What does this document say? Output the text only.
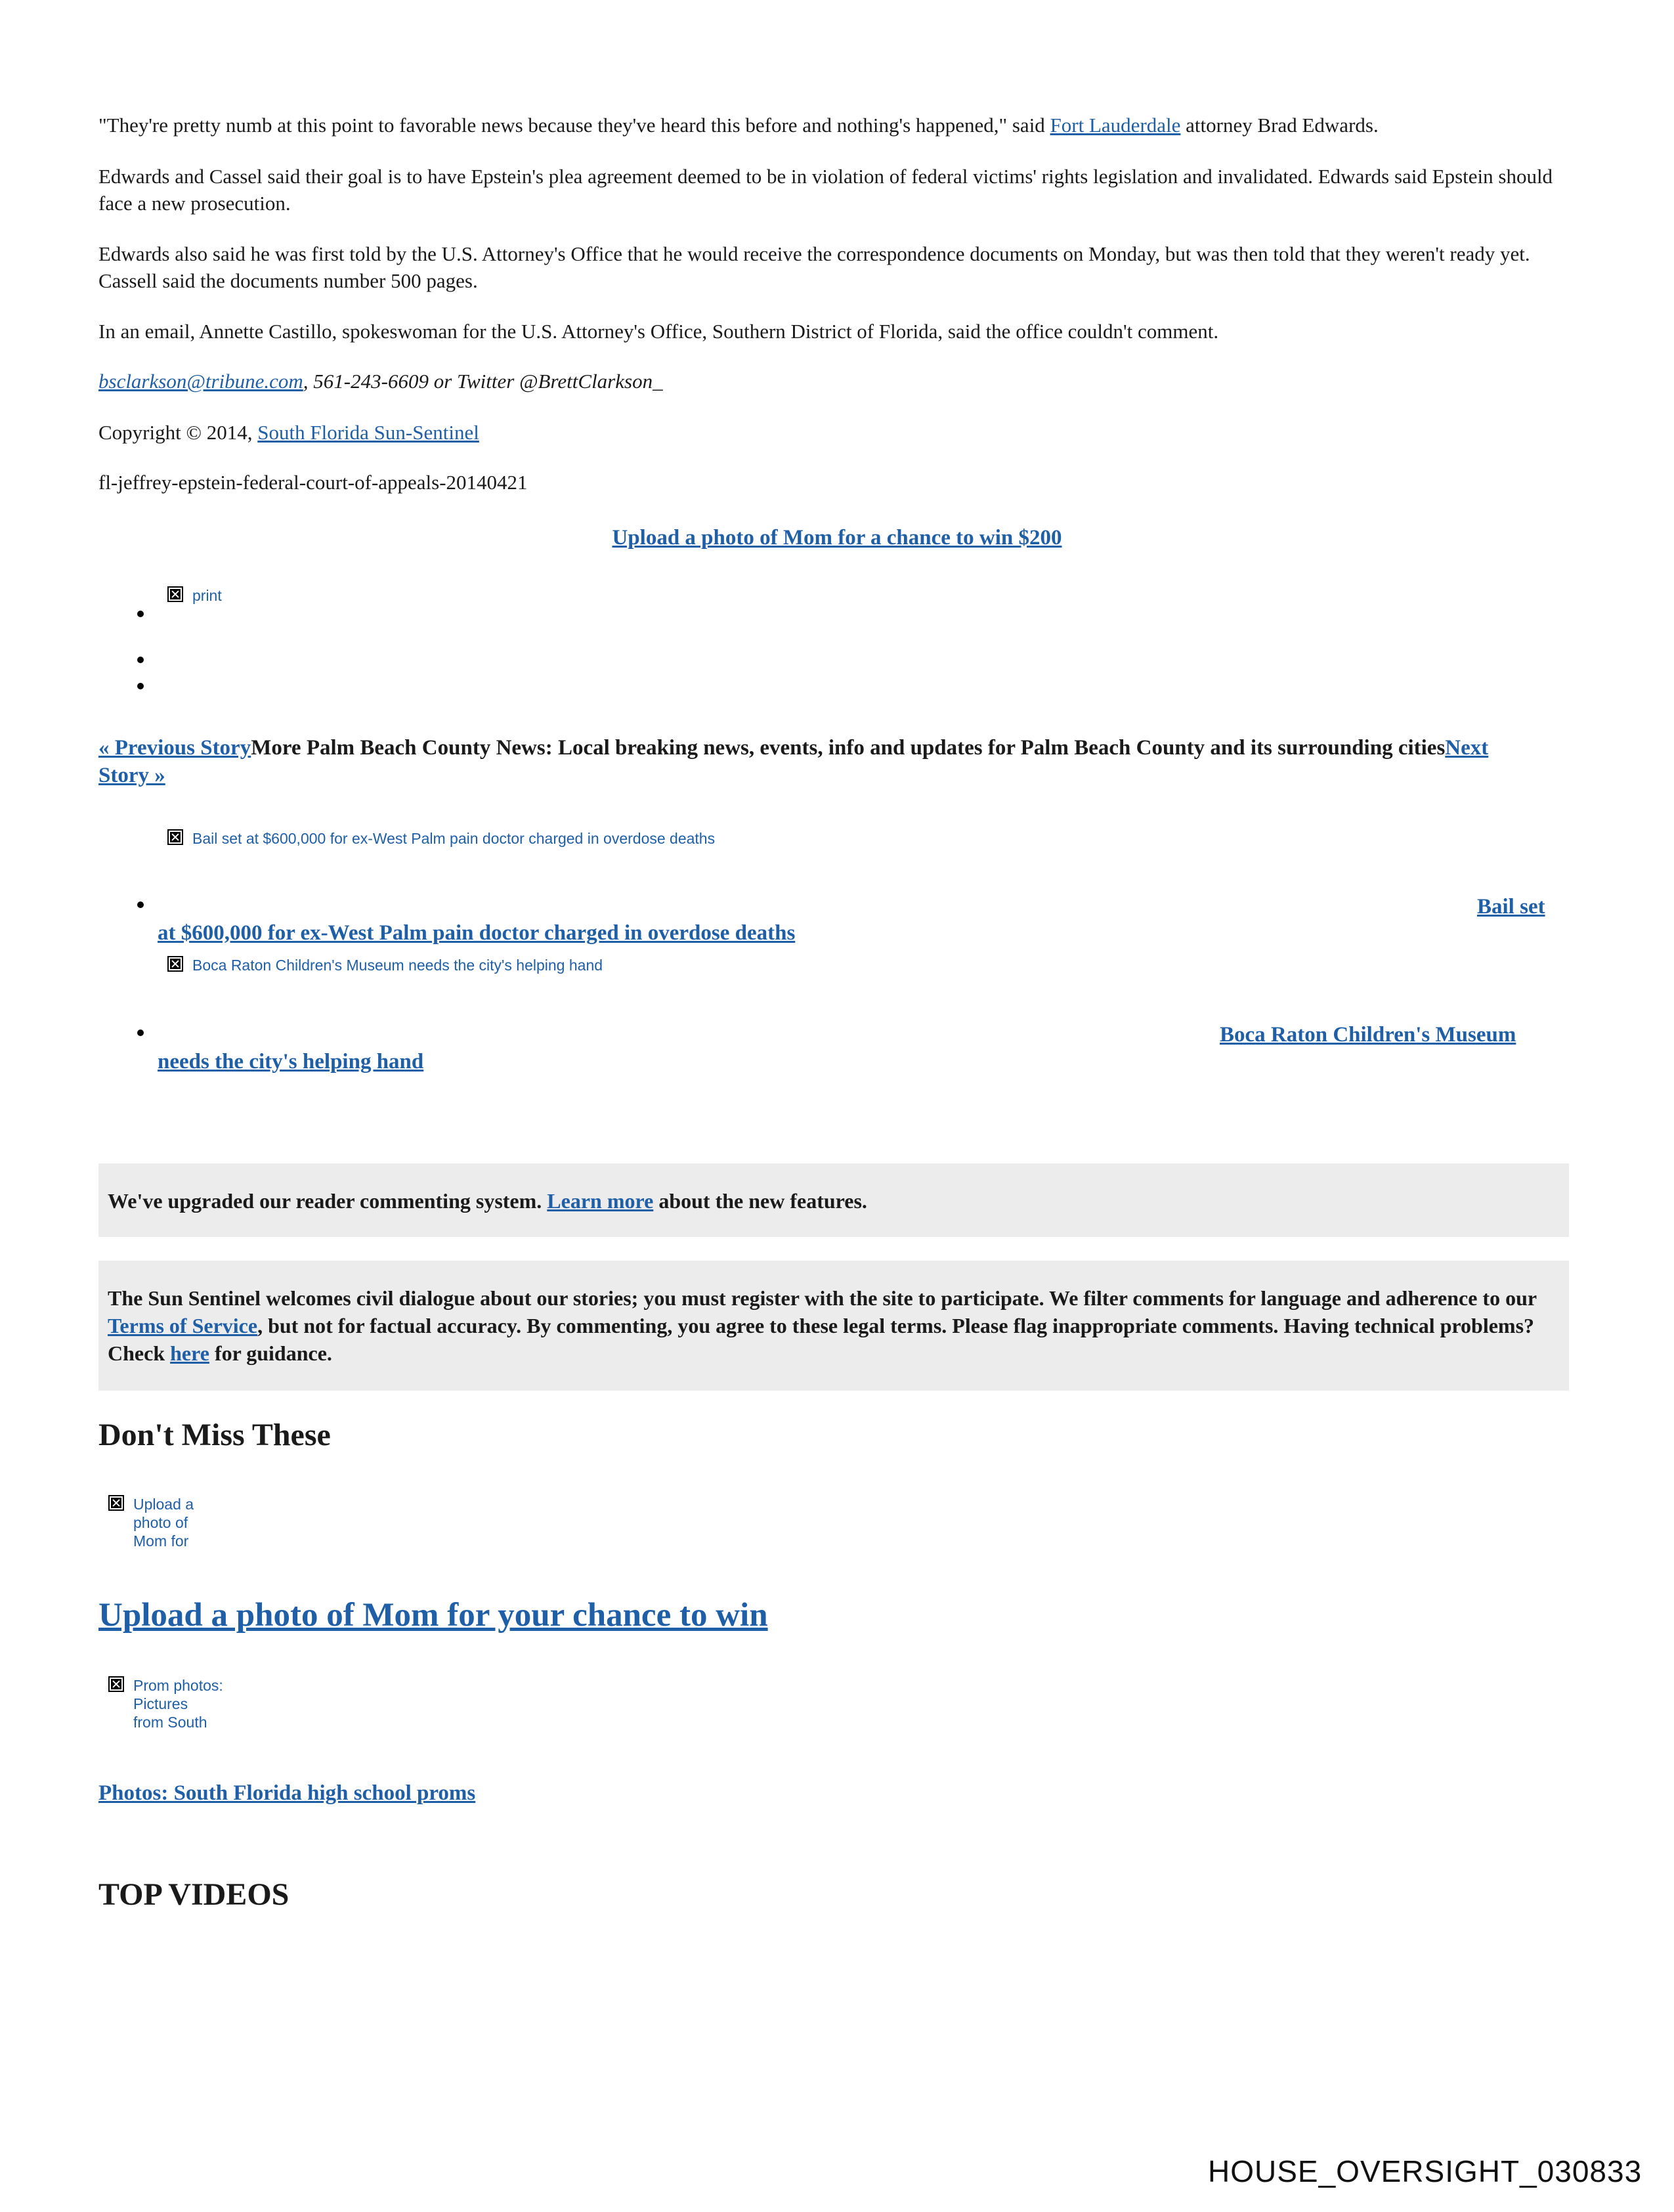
"They're pretty numb at this point to favorable news because they've heard this before and nothing's happened," said Fort Lauderdale attorney Brad Edwards.
Edwards and Cassel said their goal is to have Epstein's plea agreement deemed to be in violation of federal victims' rights legislation and invalidated. Edwards said Epstein should face a new prosecution.
Edwards also said he was first told by the U.S. Attorney's Office that he would receive the correspondence documents on Monday, but was then told that they weren't ready yet. Cassell said the documents number 500 pages.
In an email, Annette Castillo, spokeswoman for the U.S. Attorney's Office, Southern District of Florida, said the office couldn't comment.
bsclarkson@tribune.com, 561-243-6609 or Twitter @BrettClarkson_
Copyright © 2014, South Florida Sun-Sentinel
fl-jeffrey-epstein-federal-court-of-appeals-20140421
Upload a photo of Mom for a chance to win $200
print
« Previous StoryMore Palm Beach County News: Local breaking news, events, info and updates for Palm Beach County and its surrounding citiesNext Story »
Bail set at $600,000 for ex-West Palm pain doctor charged in overdose deaths
Bail set
at $600,000 for ex-West Palm pain doctor charged in overdose deaths
Boca Raton Children's Museum needs the city's helping hand
Boca Raton Children's Museum
needs the city's helping hand
We've upgraded our reader commenting system. Learn more about the new features.
The Sun Sentinel welcomes civil dialogue about our stories; you must register with the site to participate. We filter comments for language and adherence to our Terms of Service, but not for factual accuracy. By commenting, you agree to these legal terms. Please flag inappropriate comments. Having technical problems? Check here for guidance.
Don't Miss These
Upload a
photo of
Mom for
Upload a photo of Mom for your chance to win
Prom photos:
Pictures
from South
Photos: South Florida high school proms
TOP VIDEOS
HOUSE_OVERSIGHT_030833
